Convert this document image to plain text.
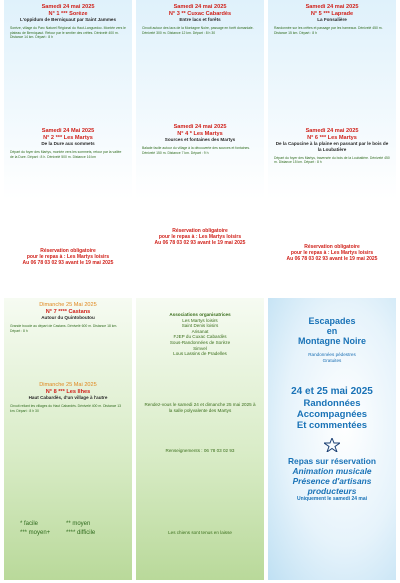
Samedi 24 mai 2025
N° 1 *** Sorèze
L'oppidum de Berniquaut par Saint Jammes
Sorèze, village du Parc Naturel Régional du Haut-Languedoc. Montée vers le plateau de Berniquaut. Retour par le sentier des crêtes. Dénivelé 400 m. Distance 14 km. Départ : 8 h
Samedi 24 Mai 2025
N° 2 *** Les Martys
De la Dure aux sommets
Départ du foyer des Martys, montée vers les sommets, retour par la vallée de la Dure. Départ : 8 h. Dénivelé 500 m. Distance 16 km
Réservation obligatoire
pour le repas à : Les Martys loisirs
Au 06 78 03 02 93 avant le 19 mai 2025
Samedi 24 mai 2025
N° 3 ** Cuxac Cabardès
Entre lacs et forêts
Circuit autour des lacs de la Montagne Noire, passage en forêt domaniale. Dénivelé 300 m. Distance 12 km. Départ : 8 h 30
Samedi 24 mai 2025
N° 4 * Les Martys
Sources et fontaines des Martys
Balade facile autour du village à la découverte des sources et fontaines. Dénivelé 150 m. Distance 7 km. Départ : 9 h
Réservation obligatoire
pour le repas à : Les Martys loisirs
Au 06 78 03 02 93 avant le 19 mai 2025
Samedi 24 mai 2025
N° 5 *** Laprade
La Fonsalière
Randonnée sur les crêtes et passage par les hameaux. Dénivelé 450 m. Distance 15 km. Départ : 8 h
Samedi 24 mai 2025
N° 6 *** Les Martys
De la Capucine à la plaine en passant par le bois de la Loubatière
Départ du foyer des Martys, traversée du bois de la Loubatière. Dénivelé 450 m. Distance 15 km. Départ : 8 h
Réservation obligatoire
pour le repas à : Les Martys loisirs
Au 06 78 03 02 93 avant le 19 mai 2025
Dimanche 25 Mai 2025
N° 7 **** Castans
Autour du Quintoboutou
Grande boucle au départ de Castans. Dénivelé 600 m. Distance 18 km. Départ : 8 h
Dimanche 25 Mai 2025
N° 8 *** Les Ilhes
Haut Cabardès, d'un village à l'autre
Circuit reliant les villages du Haut Cabardès. Dénivelé 400 m. Distance 13 km. Départ : 8 h 30
* facile	** moyen
*** moyen+	**** difficile
Associations organisatrices
Les Martys loisirs
Saint Denis loisirs
Arisanat
FJEP du Cuxac Cabardès
Sous-Randonnées de Sorèze
Simvel
Lous Lassins de Pradelles
Rendez-vous le samedi 24 et dimanche 25 mai 2025 à la salle polyvalente des Martys
Renseignements : 06 78 03 02 93
Les chiens sont tenus en laisse
Escapades
en
Montagne Noire
Randonnées pédestres
Gratuites
24 et 25 mai 2025
Randonnées
Accompagnées
Et commentées
Repas sur réservation
Animation musicale
Présence d'artisans
producteurs
Uniquement le samedi 24 mai
